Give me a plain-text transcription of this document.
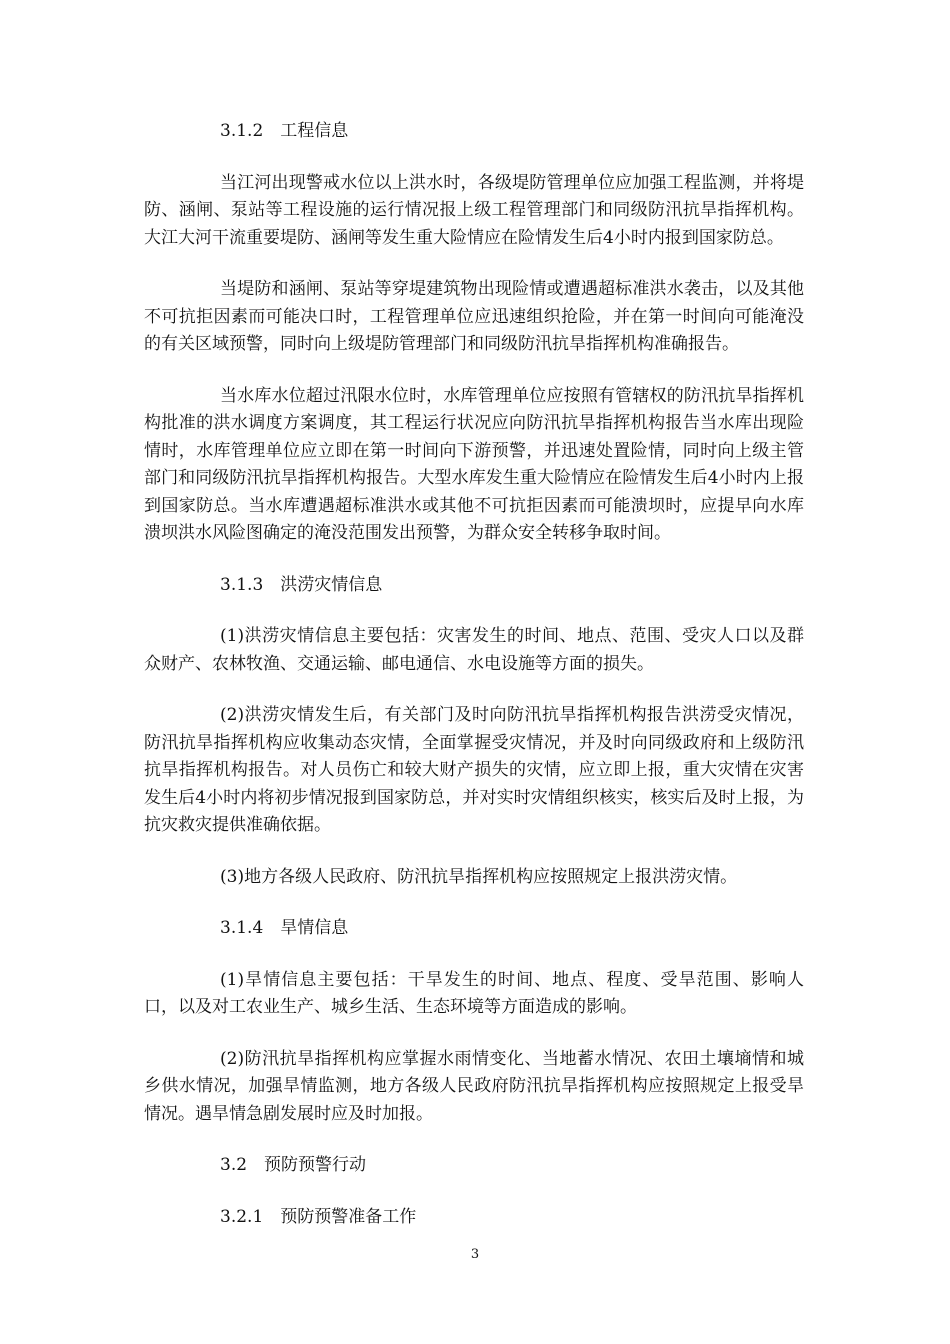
3.1.2　工程信息

当江河出现警戒水位以上洪水时，各级堤防管理单位应加强工程监测，并将堤防、涵闸、泵站等工程设施的运行情况报上级工程管理部门和同级防汛抗旱指挥机构。大江大河干流重要堤防、涵闸等发生重大险情应在险情发生后4小时内报到国家防总。

当堤防和涵闸、泵站等穿堤建筑物出现险情或遭遇超标准洪水袭击，以及其他不可抗拒因素而可能决口时，工程管理单位应迅速组织抢险，并在第一时间向可能淹没的有关区域预警，同时向上级堤防管理部门和同级防汛抗旱指挥机构准确报告。

当水库水位超过汛限水位时，水库管理单位应按照有管辖权的防汛抗旱指挥机构批准的洪水调度方案调度，其工程运行状况应向防汛抗旱指挥机构报告当水库出现险情时，水库管理单位应立即在第一时间向下游预警，并迅速处置险情，同时向上级主管部门和同级防汛抗旱指挥机构报告。大型水库发生重大险情应在险情发生后4小时内上报到国家防总。当水库遭遇超标准洪水或其他不可抗拒因素而可能溃坝时，应提早向水库溃坝洪水风险图确定的淹没范围发出预警，为群众安全转移争取时间。

3.1.3　洪涝灾情信息

(1)洪涝灾情信息主要包括：灾害发生的时间、地点、范围、受灾人口以及群众财产、农林牧渔、交通运输、邮电通信、水电设施等方面的损失。

(2)洪涝灾情发生后，有关部门及时向防汛抗旱指挥机构报告洪涝受灾情况，防汛抗旱指挥机构应收集动态灾情，全面掌握受灾情况，并及时向同级政府和上级防汛抗旱指挥机构报告。对人员伤亡和较大财产损失的灾情，应立即上报，重大灾情在灾害发生后4小时内将初步情况报到国家防总，并对实时灾情组织核实，核实后及时上报，为抗灾救灾提供准确依据。

(3)地方各级人民政府、防汛抗旱指挥机构应按照规定上报洪涝灾情。

3.1.4　旱情信息

(1)旱情信息主要包括：干旱发生的时间、地点、程度、受旱范围、影响人口，以及对工农业生产、城乡生活、生态环境等方面造成的影响。

(2)防汛抗旱指挥机构应掌握水雨情变化、当地蓄水情况、农田土壤墒情和城乡供水情况，加强旱情监测，地方各级人民政府防汛抗旱指挥机构应按照规定上报受旱情况。遇旱情急剧发展时应及时加报。

3.2　预防预警行动

3.2.1　预防预警准备工作

3
